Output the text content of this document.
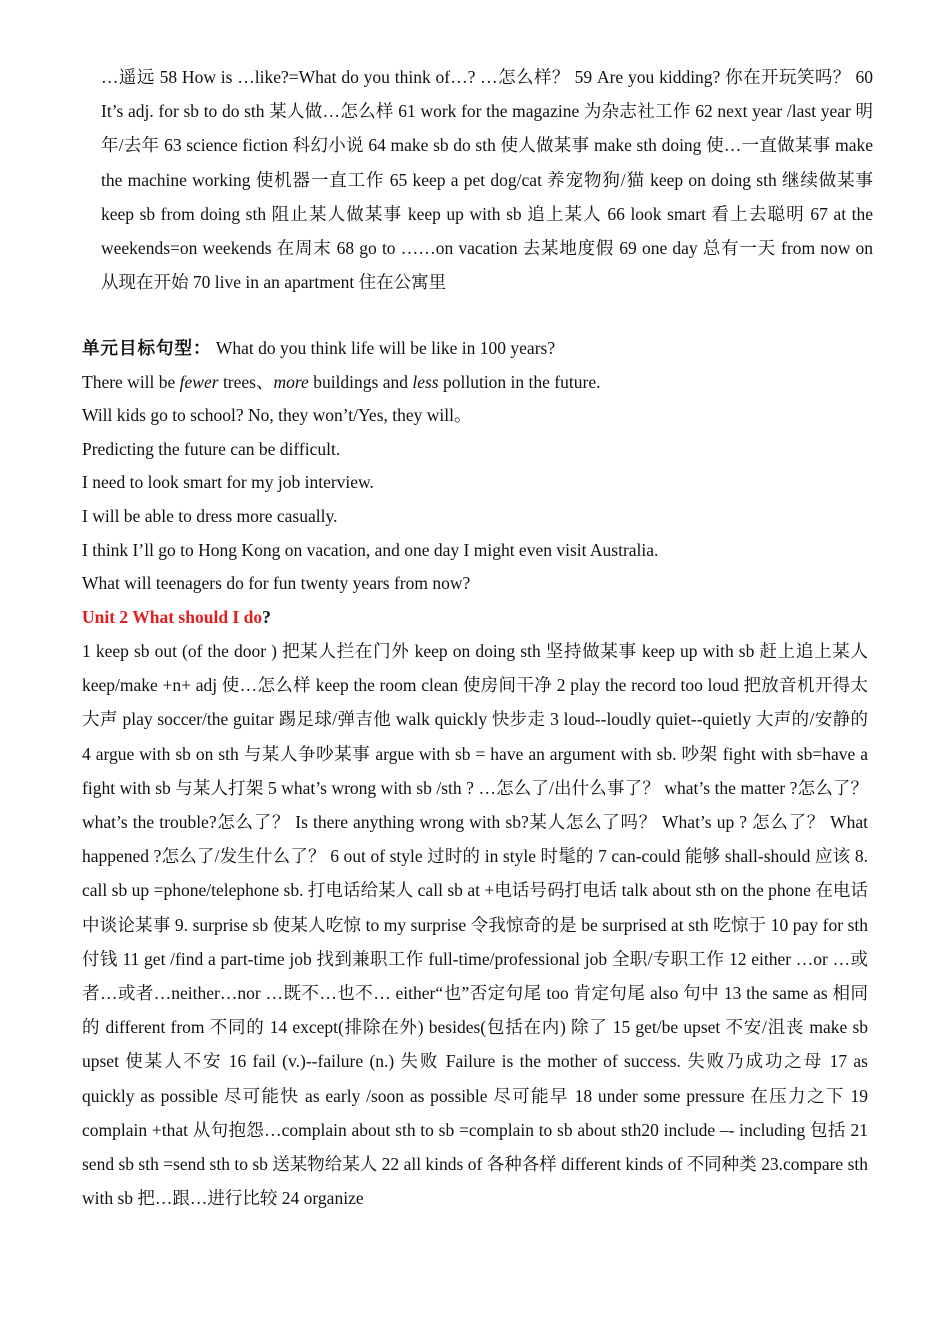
…遥远 58 How is …like?=What do you think of…? …怎么样？ 59 Are you kidding? 你在开玩笑吗？ 60 It’s adj. for sb to do sth 某人做…怎么样 61 work for the magazine 为杂志社工作 62 next year /last year 明年/去年 63 science fiction 科幻小说 64 make sb do sth 使人做某事 make sth doing 使…一直做某事 make the machine working 使机器一直工作 65 keep a pet dog/cat 养宠物狗/猫 keep on doing sth 继续做某事 keep sb from doing sth 阻止某人做某事 keep up with sb 追上某人 66 look smart 看上去聪明 67 at the weekends=on weekends 在周末 68 go to ……on vacation 去某地度假 69 one day 总有一天 from now on 从现在开始 70 live in an apartment 住在公寓里

单元目标句型： What do you think life will be like in 100 years?

There will be fewer trees、more buildings and less pollution in the future.

Will kids go to school? No, they won’t/Yes, they will。

Predicting the future can be difficult.

I need to look smart for my job interview.

I will be able to dress more casually.

I think I’ll go to Hong Kong on vacation, and one day I might even visit Australia.

What will teenagers do for fun twenty years from now?

Unit 2 What should I do?
1 keep sb out (of the door ) 把某人拦在门外 keep on doing sth 坚持做某事 keep up with sb 赶上追上某人 keep/make +n+ adj 使…怎么样 keep the room clean 使房间干净 2 play the record too loud 把放音机开得太大声 play soccer/the guitar 踢足球/弹吉他 walk quickly 快步走 3 loud--loudly quiet--quietly 大声的/安静的 4 argue with sb on sth 与某人争吵某事 argue with sb = have an argument with sb. 吵架 fight with sb=have a fight with sb 与某人打架 5 what’s wrong with sb /sth ? …怎么了/出什么事了？ what’s the matter ?怎么了？ what’s the trouble?怎么了？ Is there anything wrong with sb?某人怎么了吗？ What’s up ? 怎么了？ What happened ?怎么了/发生什么了？ 6 out of style 过时的 in style 时髦的 7 can-could 能够 shall-should 应该 8. call sb up =phone/telephone sb. 打电话给某人 call sb at +电话号码打电话 talk about sth on the phone 在电话中谈论某事 9. surprise sb 使某人吃惊 to my surprise 令我惊奇的是 be surprised at sth 吃惊于 10 pay for sth 付钱 11 get /find a part-time job 找到兼职工作 full-time/professional job 全职/专职工作 12 either …or …或者…或者…neither…nor …既不…也不… either“也”否定句尾 too 肯定句尾 also 句中 13 the same as 相同的 different from 不同的 14 except(排除在外) besides(包括在内) 除了 15 get/be upset 不安/沮丧 make sb upset 使某人不安 16 fail (v.)--failure (n.) 失败 Failure is the mother of success. 失败乃成功之母 17 as quickly as possible 尽可能快 as early /soon as possible 尽可能早 18 under some pressure 在压力之下 19 complain +that 从句抱怨…complain about sth to sb =complain to sb about sth20 include –- including 包括 21 send sb sth =send sth to sb 送某物给某人 22 all kinds of 各种各样 different kinds of 不同种类 23.compare sth with sb 把…跟…进行比较 24 organize
